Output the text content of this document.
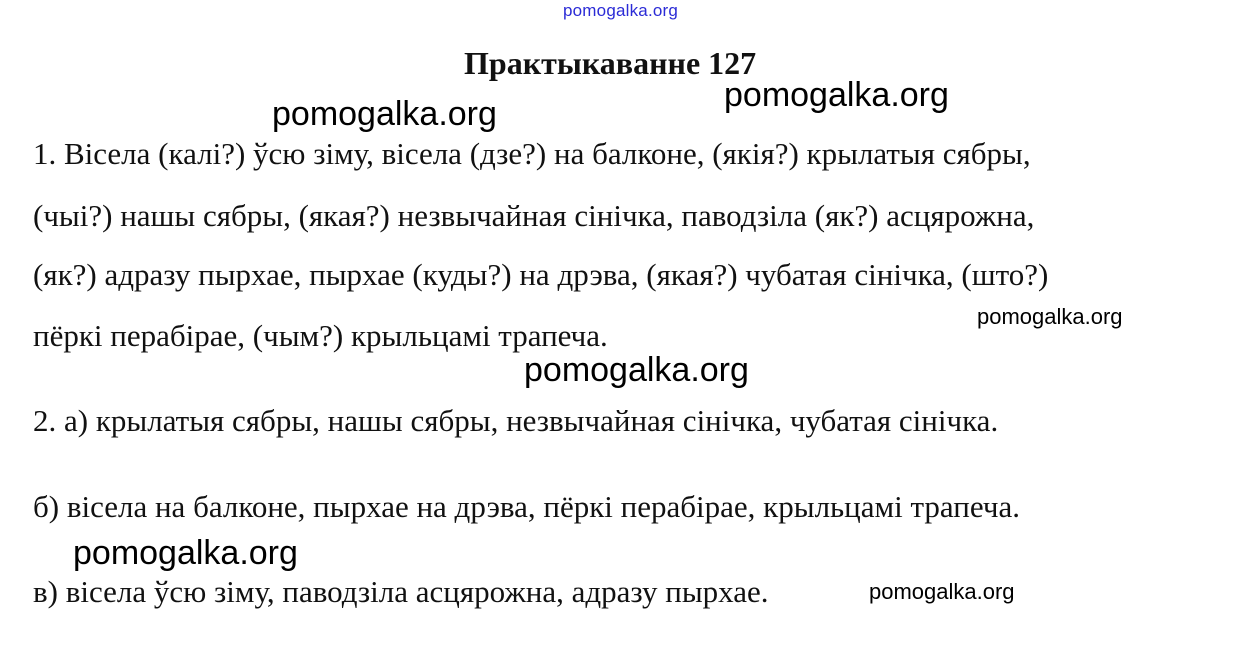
pomogalka.org
Практыкаванне 127
1. Вісела (калі?) ўсю зіму, вісела (дзе?) на балконе, (якія?) крылатыя сябры,
(чыі?) нашы сябры, (якая?) незвычайная сінічка, паводзіла (як?) асцярожна,
(як?) адразу пырхае, пырхае (куды?) на дрэва, (якая?) чубатая сінічка, (што?)
пёркі перабірае, (чым?) крыльцамі трапеча.
2. а) крылатыя сябры, нашы сябры, незвычайная сінічка, чубатая сінічка.
б) вісела на балконе, пырхае на дрэва, пёркі перабірае, крыльцамі трапеча.
в) вісела ўсю зіму, паводзіла асцярожна, адразу пырхае.
pomogalka.org	pomogalka.org
pomogalka.org
pomogalka.org
pomogalka.org
pomogalka.org
